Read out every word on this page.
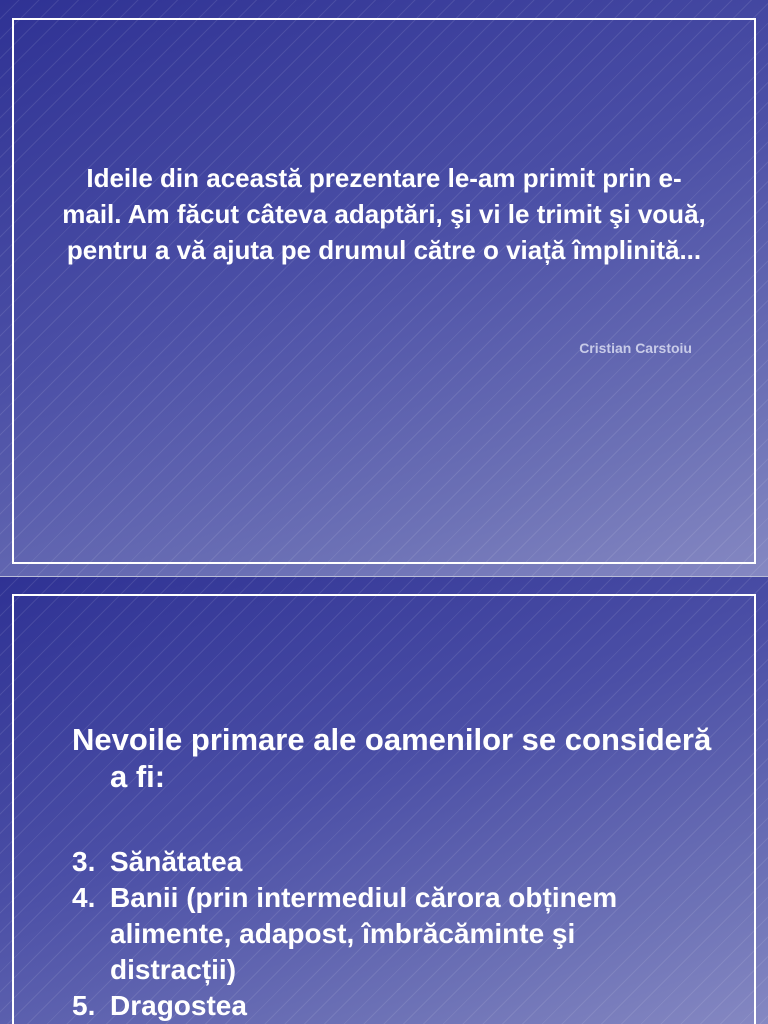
Ideile din această prezentare le-am primit prin e-mail. Am făcut câteva adaptări, şi vi le trimit şi vouă, pentru a vă ajuta pe drumul către o viață împlinită...
Cristian Carstoiu
Nevoile primare ale oamenilor se consideră a fi:
3. Sănătatea
4. Banii (prin intermediul cărora obținem alimente, adapost, îmbrăcăminte şi distracții)
5. Dragostea
